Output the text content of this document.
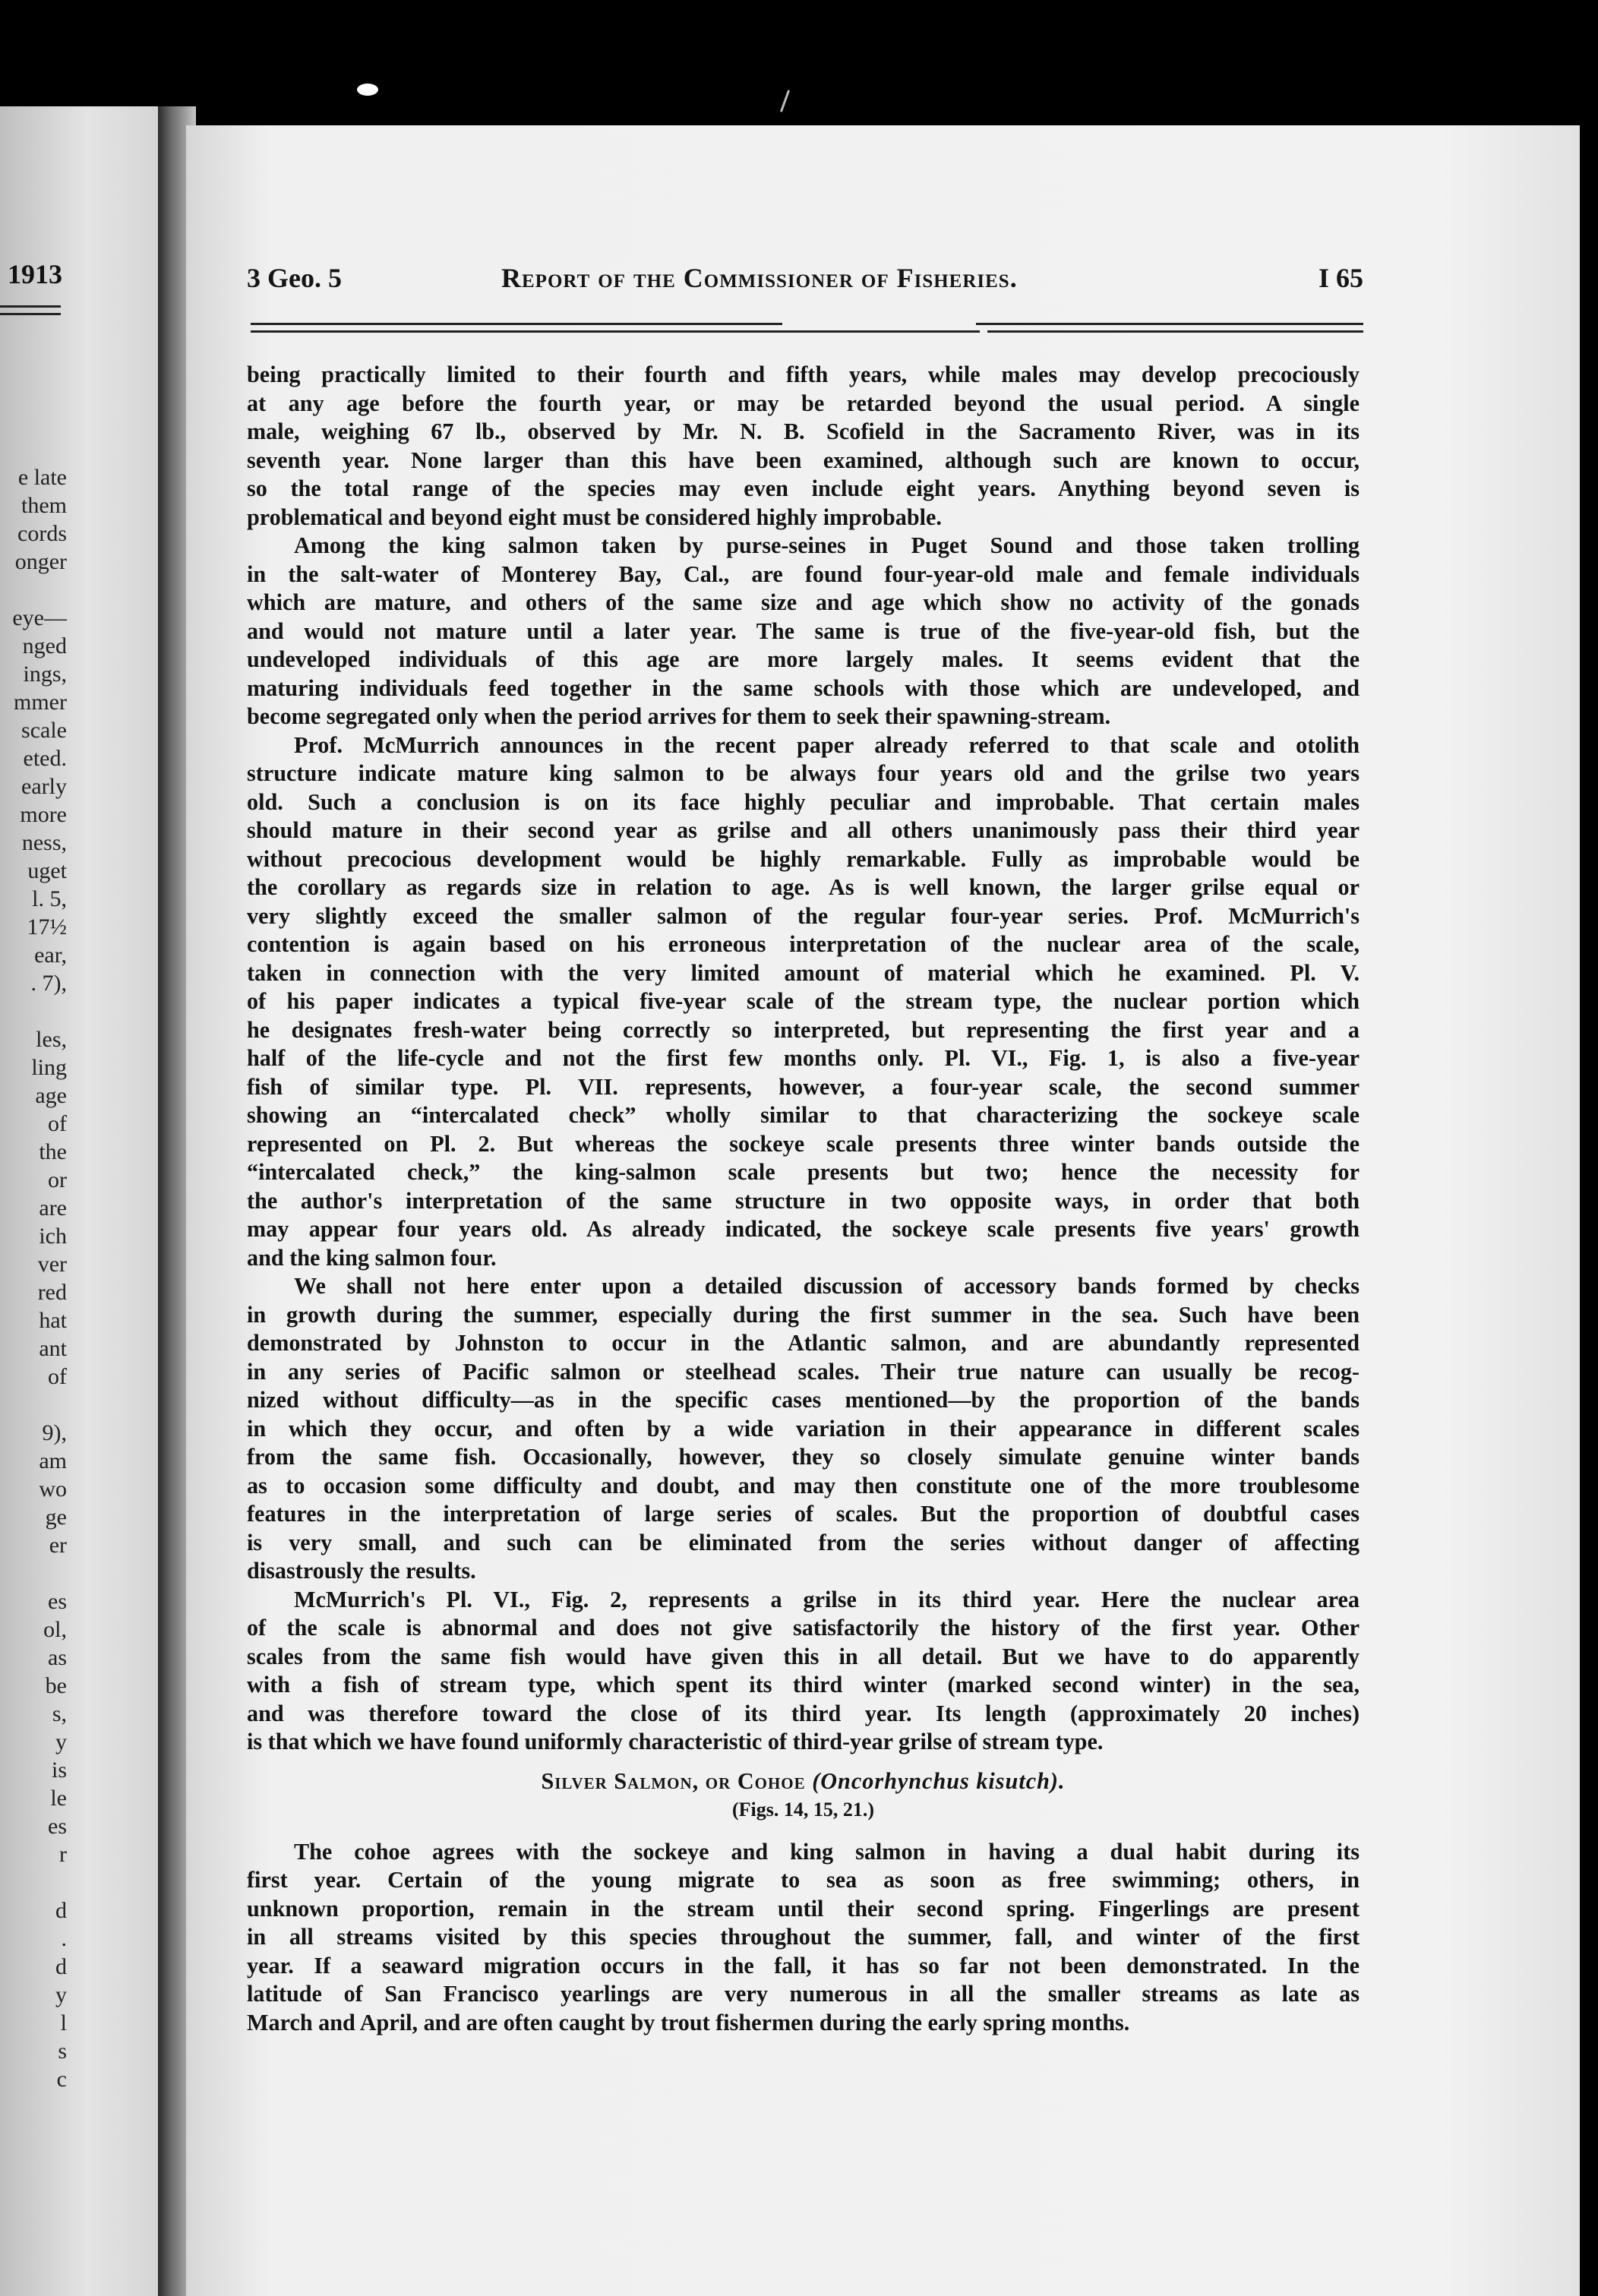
1913
e late
them
cords
onger

eye—
nged
ings,
mmer
scale
eted.
early
more
ness,
uget
l. 5,
17½
ear,
. 7),

les,
ling
age
of
the
or
are
ich
ver
red
hat
ant
of

9),
am
wo
ge
er

es
ol,
as
be
s,
y
is
le
es
r

d
.
d
y
l
s
c
3 Geo. 5	Report of the Commissioner of Fisheries.	I 65
being practically limited to their fourth and fifth years, while males may develop precociously
at any age before the fourth year, or may be retarded beyond the usual period. A single
male, weighing 67 lb., observed by Mr. N. B. Scofield in the Sacramento River, was in its
seventh year. None larger than this have been examined, although such are known to occur,
so the total range of the species may even include eight years. Anything beyond seven is
problematical and beyond eight must be considered highly improbable.
Among the king salmon taken by purse-seines in Puget Sound and those taken trolling
in the salt-water of Monterey Bay, Cal., are found four-year-old male and female individuals
which are mature, and others of the same size and age which show no activity of the gonads
and would not mature until a later year. The same is true of the five-year-old fish, but the
undeveloped individuals of this age are more largely males. It seems evident that the
maturing individuals feed together in the same schools with those which are undeveloped, and
become segregated only when the period arrives for them to seek their spawning-stream.
Prof. McMurrich announces in the recent paper already referred to that scale and otolith
structure indicate mature king salmon to be always four years old and the grilse two years
old. Such a conclusion is on its face highly peculiar and improbable. That certain males
should mature in their second year as grilse and all others unanimously pass their third year
without precocious development would be highly remarkable. Fully as improbable would be
the corollary as regards size in relation to age. As is well known, the larger grilse equal or
very slightly exceed the smaller salmon of the regular four-year series. Prof. McMurrich's
contention is again based on his erroneous interpretation of the nuclear area of the scale,
taken in connection with the very limited amount of material which he examined. Pl. V.
of his paper indicates a typical five-year scale of the stream type, the nuclear portion which
he designates fresh-water being correctly so interpreted, but representing the first year and a
half of the life-cycle and not the first few months only. Pl. VI., Fig. 1, is also a five-year
fish of similar type. Pl. VII. represents, however, a four-year scale, the second summer
showing an “intercalated check” wholly similar to that characterizing the sockeye scale
represented on Pl. 2. But whereas the sockeye scale presents three winter bands outside the
“intercalated check,” the king-salmon scale presents but two; hence the necessity for
the author's interpretation of the same structure in two opposite ways, in order that both
may appear four years old. As already indicated, the sockeye scale presents five years' growth
and the king salmon four.
We shall not here enter upon a detailed discussion of accessory bands formed by checks
in growth during the summer, especially during the first summer in the sea. Such have been
demonstrated by Johnston to occur in the Atlantic salmon, and are abundantly represented
in any series of Pacific salmon or steelhead scales. Their true nature can usually be recog-
nized without difficulty—as in the specific cases mentioned—by the proportion of the bands
in which they occur, and often by a wide variation in their appearance in different scales
from the same fish. Occasionally, however, they so closely simulate genuine winter bands
as to occasion some difficulty and doubt, and may then constitute one of the more troublesome
features in the interpretation of large series of scales. But the proportion of doubtful cases
is very small, and such can be eliminated from the series without danger of affecting
disastrously the results.
McMurrich's Pl. VI., Fig. 2, represents a grilse in its third year. Here the nuclear area
of the scale is abnormal and does not give satisfactorily the history of the first year. Other
scales from the same fish would have given this in all detail. But we have to do apparently
with a fish of stream type, which spent its third winter (marked second winter) in the sea,
and was therefore toward the close of its third year. Its length (approximately 20 inches)
is that which we have found uniformly characteristic of third-year grilse of stream type.
Silver Salmon, or Cohoe (Oncorhynchus kisutch).
(Figs. 14, 15, 21.)
The cohoe agrees with the sockeye and king salmon in having a dual habit during its
first year. Certain of the young migrate to sea as soon as free swimming; others, in
unknown proportion, remain in the stream until their second spring. Fingerlings are present
in all streams visited by this species throughout the summer, fall, and winter of the first
year. If a seaward migration occurs in the fall, it has so far not been demonstrated. In the
latitude of San Francisco yearlings are very numerous in all the smaller streams as late as
March and April, and are often caught by trout fishermen during the early spring months.
